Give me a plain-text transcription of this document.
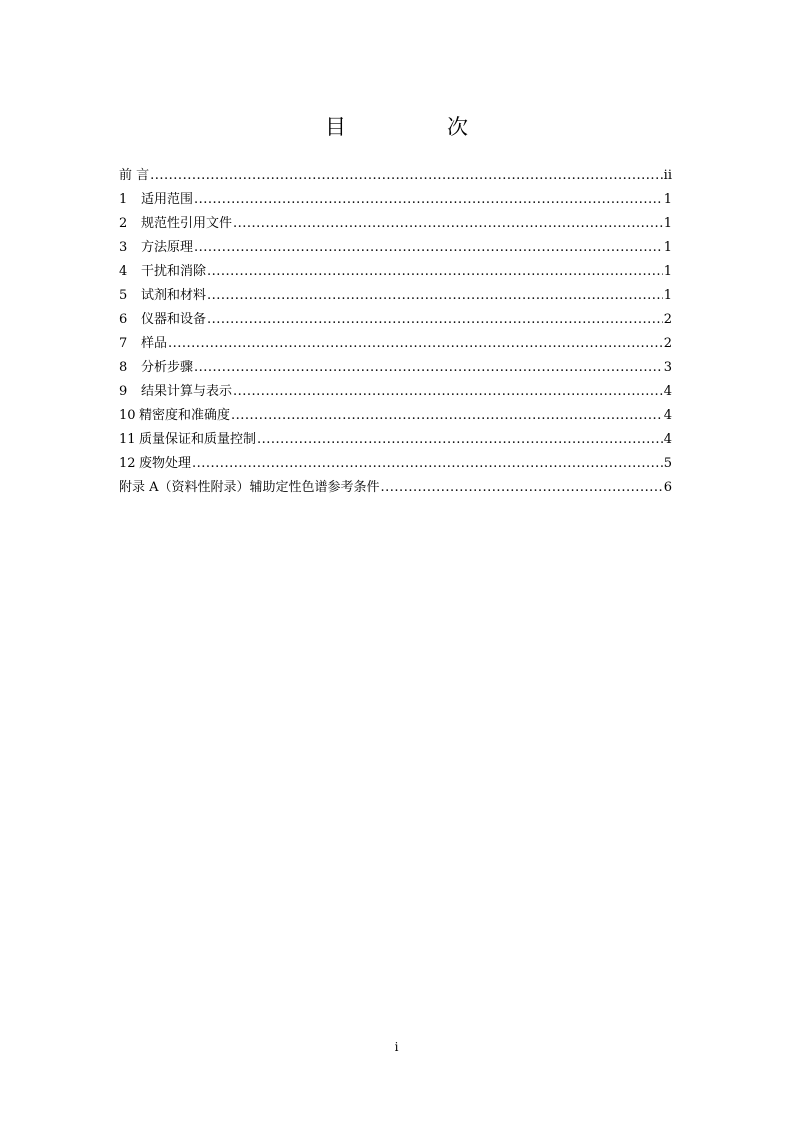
目　次
前 言 .....	ii
1	适用范围 .....	1
2	规范性引用文件 .....	1
3	方法原理 .....	1
4	干扰和消除 .....	1
5	试剂和材料 .....	1
6	仪器和设备 .....	2
7	样品 .....	2
8	分析步骤 .....	3
9	结果计算与表示 .....	4
10 精密度和准确度 .....	4
11 质量保证和质量控制 .....	4
12 废物处理 .....	5
附录 A（资料性附录）辅助定性色谱参考条件 .....	6
i
